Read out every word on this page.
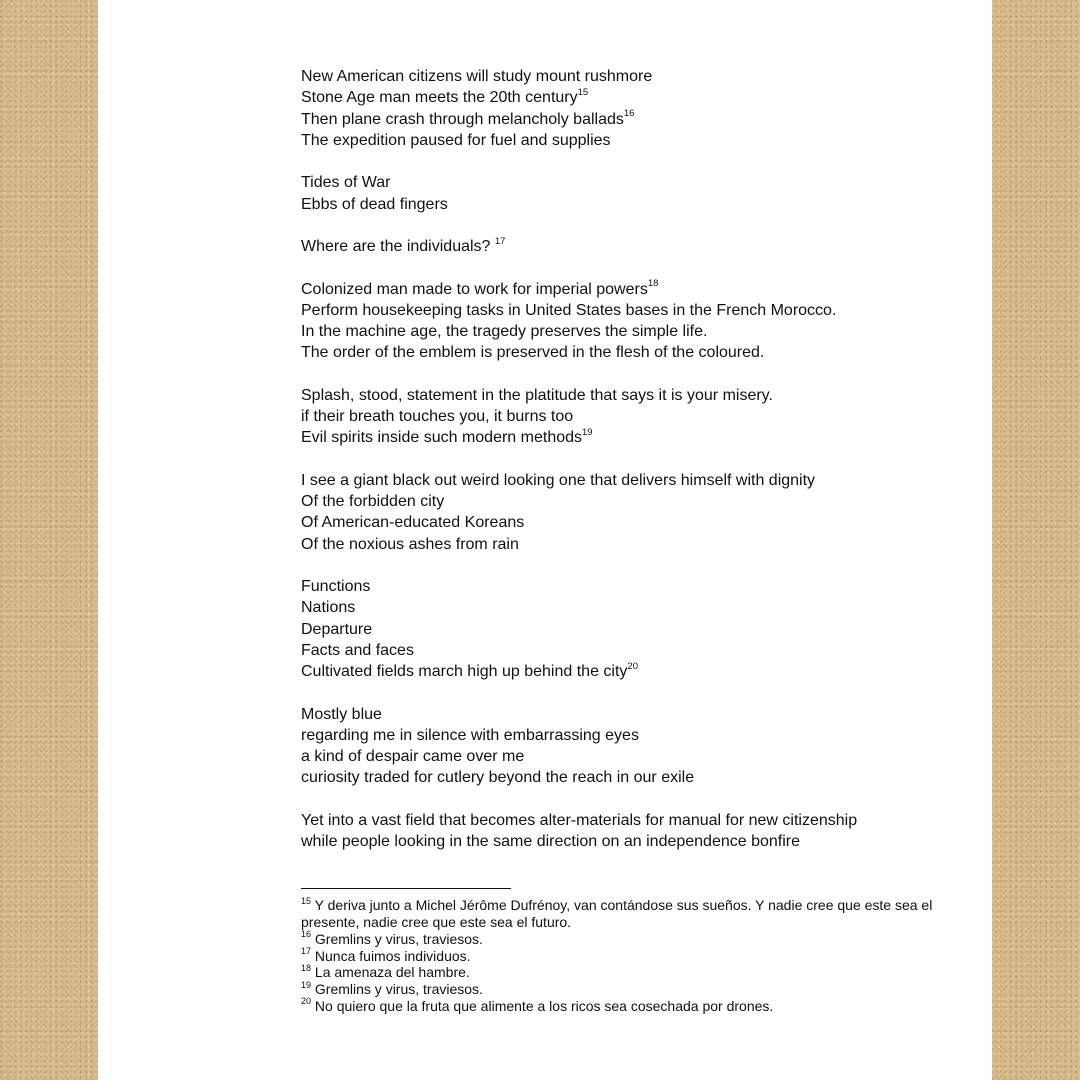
New American citizens will study mount rushmore
Stone Age man meets the 20th century$^{15}$
Then plane crash through melancholy ballads$^{16}$
The expedition paused for fuel and supplies
Tides of War
Ebbs of dead fingers
Where are the individuals? $^{17}$
Colonized man made to work for imperial powers$^{18}$
Perform housekeeping tasks in United States bases in the French Morocco.
In the machine age, the tragedy preserves the simple life.
The order of the emblem is preserved in the flesh of the coloured.
Splash, stood, statement in the platitude that says it is your misery.
if their breath touches you, it burns too
Evil spirits inside such modern methods$^{19}$
I see a giant black out weird looking one that delivers himself with dignity
Of the forbidden city
Of American-educated Koreans
Of the noxious ashes from rain
Functions
Nations
Departure
Facts and faces
Cultivated fields march high up behind the city$^{20}$
Mostly blue
regarding me in silence with embarrassing eyes
a kind of despair came over me
curiosity traded for cutlery beyond the reach in our exile
Yet into a vast field that becomes alter-materials for manual for new citizenship
while people looking in the same direction on an independence bonfire
$^{15}$ Y deriva junto a Michel Jérôme Dufrénoy, van contándose sus sueños. Y nadie cree que este sea el presente, nadie cree que este sea el futuro.
$^{16}$ Gremlins y virus, traviesos.
$^{17}$ Nunca fuimos individuos.
$^{18}$ La amenaza del hambre.
$^{19}$ Gremlins y virus, traviesos.
$^{20}$ No quiero que la fruta que alimente a los ricos sea cosechada por drones.
